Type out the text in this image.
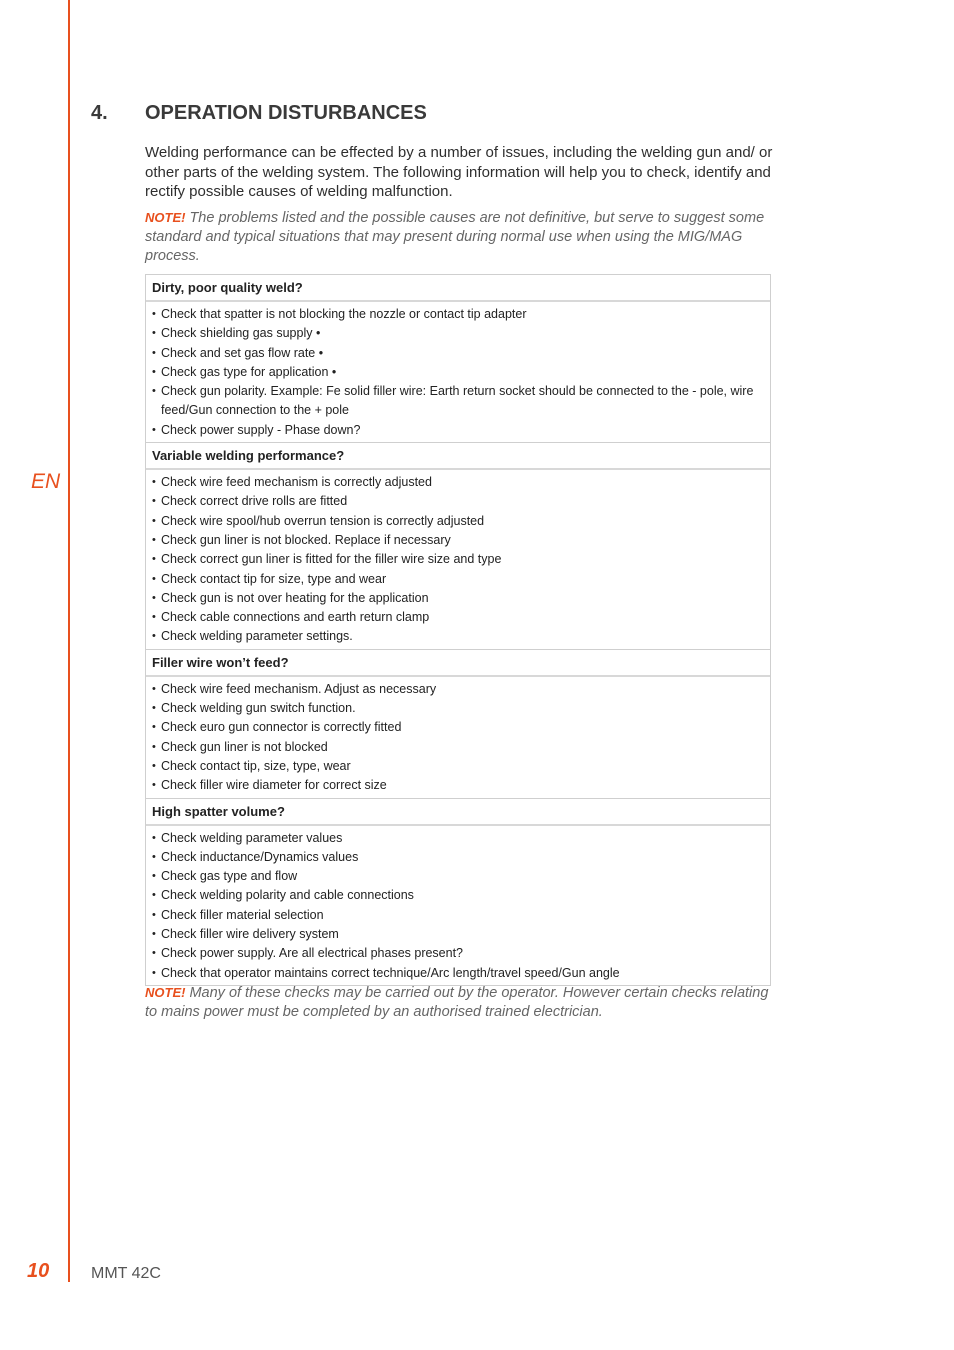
EN
10	MMT 42C
4. OPERATION DISTURBANCES
Welding performance can be effected by a number of issues, including the welding gun and/ or other parts of the welding system. The following information will help you to check, identify and rectify possible causes of welding malfunction.
NOTE! The problems listed and the possible causes are not definitive, but serve to suggest some standard and typical situations that may present during normal use when using the MIG/MAG process.
Dirty, poor quality weld?
• Check that spatter is not blocking the nozzle or contact tip adapter
• Check shielding gas supply •
• Check and set gas flow rate •
• Check gas type for application •
• Check gun polarity. Example: Fe solid filler wire: Earth return socket should be connected to the - pole, wire feed/Gun connection to the + pole
• Check power supply - Phase down?
Variable welding performance?
• Check wire feed mechanism is correctly adjusted
• Check correct drive rolls are fitted
• Check wire spool/hub overrun tension is correctly adjusted
• Check gun liner is not blocked. Replace if necessary
• Check correct gun liner is fitted for the filler wire size and type
• Check contact tip for size, type and wear
• Check gun is not over heating for the application
• Check cable connections and earth return clamp
• Check welding parameter settings.
Filler wire won’t feed?
• Check wire feed mechanism. Adjust as necessary
• Check welding gun switch function.
• Check euro gun connector is correctly fitted
• Check gun liner is not blocked
• Check contact tip, size, type, wear
• Check filler wire diameter for correct size
High spatter volume?
• Check welding parameter values
• Check inductance/Dynamics values
• Check gas type and flow
• Check welding polarity and cable connections
• Check filler material selection
• Check filler wire delivery system
• Check power supply. Are all electrical phases present?
• Check that operator maintains correct technique/Arc length/travel speed/Gun angle
NOTE! Many of these checks may be carried out by the operator. However certain checks relating to mains power must be completed by an authorised trained electrician.
